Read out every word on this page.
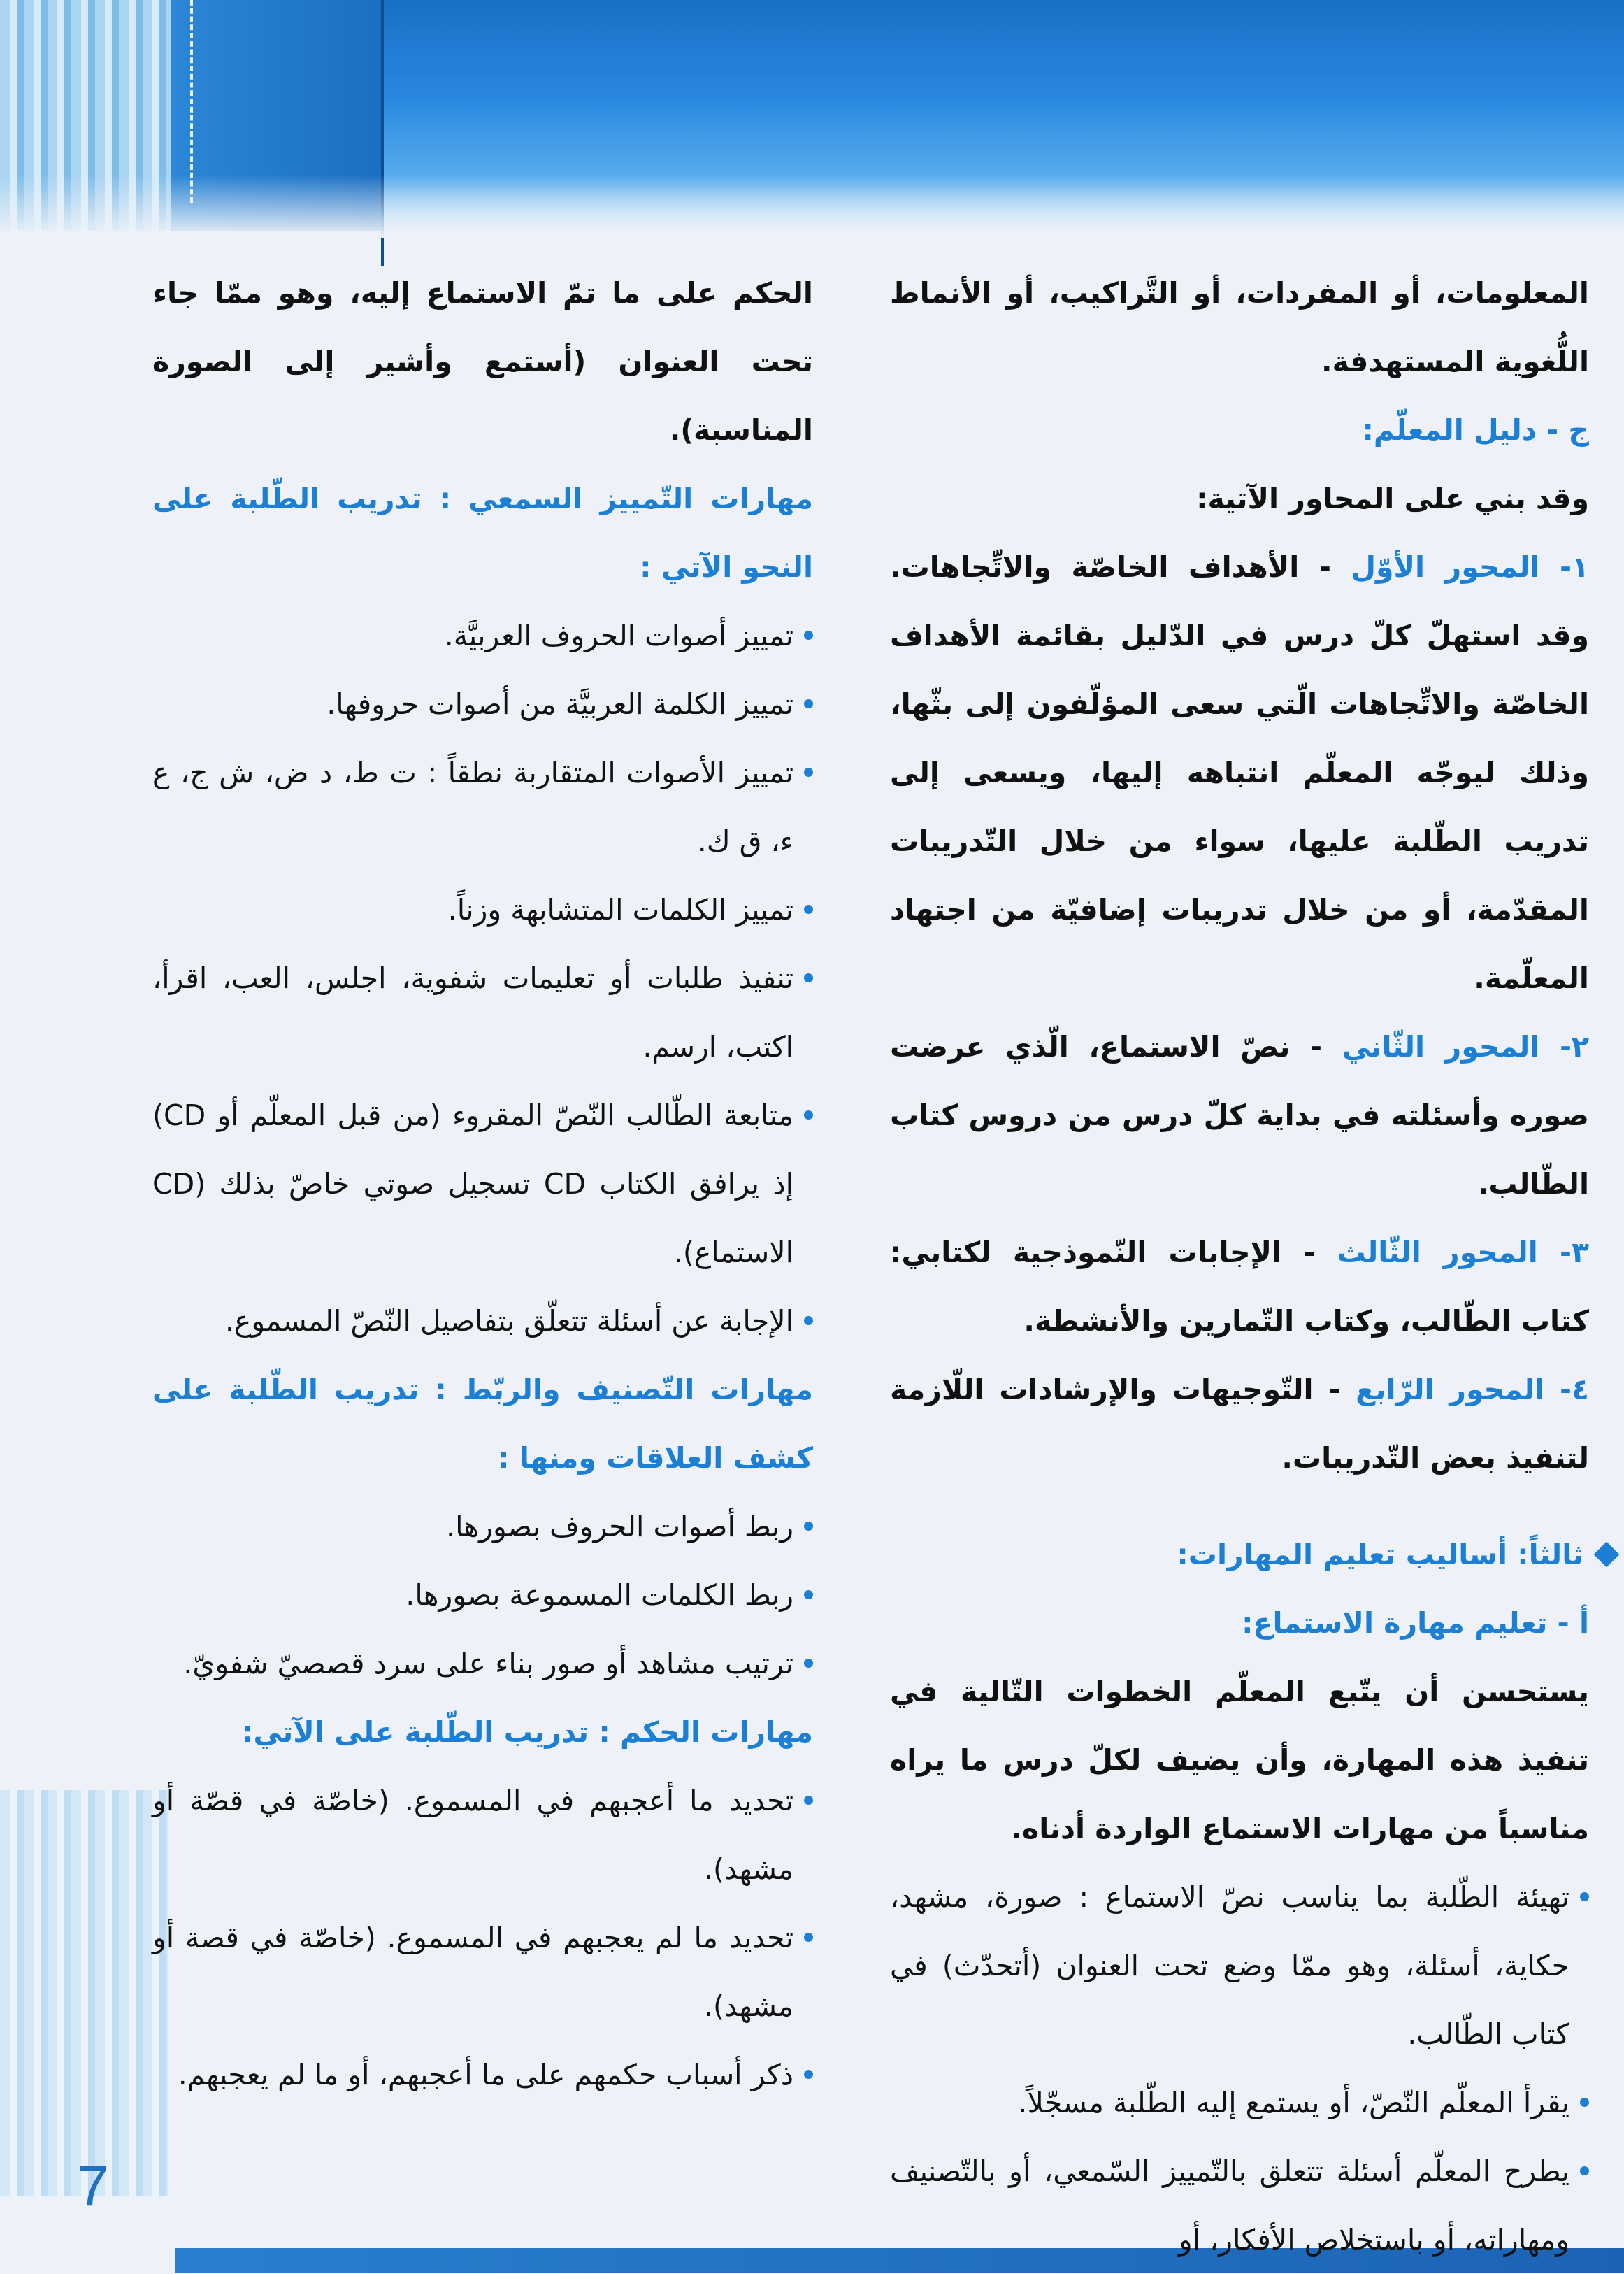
المعلومات، أو المفردات، أو التَّراكيب، أو الأنماط اللُّغوية المستهدفة.

ج - دليل المعلّم:

وقد بني على المحاور الآتية:

١- المحور الأوّل - الأهداف الخاصّة والاتِّجاهات. وقد استهلّ كلّ درس في الدّليل بقائمة الأهداف الخاصّة والاتِّجاهات الّتي سعى المؤلّفون إلى بثّها، وذلك ليوجّه المعلّم انتباهه إليها، ويسعى إلى تدريب الطّلبة عليها، سواء من خلال التّدريبات المقدّمة، أو من خلال تدريبات إضافيّة من اجتهاد المعلّمة.

٢- المحور الثّاني - نصّ الاستماع، الّذي عرضت صوره وأسئلته في بداية كلّ درس من دروس كتاب الطّالب.

٣- المحور الثّالث - الإجابات النّموذجية لكتابي: كتاب الطّالب، وكتاب التّمارين والأنشطة.

٤- المحور الرّابع - التّوجيهات والإرشادات اللّازمة لتنفيذ بعض التّدريبات.

ثالثاً: أساليب تعليم المهارات:

أ - تعليم مهارة الاستماع:

يستحسن أن يتّبع المعلّم الخطوات التّالية في تنفيذ هذه المهارة، وأن يضيف لكلّ درس ما يراه مناسباً من مهارات الاستماع الواردة أدناه.

تهيئة الطّلبة بما يناسب نصّ الاستماع : صورة، مشهد، حكاية، أسئلة، وهو ممّا وضع تحت العنوان (أتحدّث) في كتاب الطّالب.
يقرأ المعلّم النّصّ، أو يستمع إليه الطّلبة مسجّلاً.
يطرح المعلّم أسئلة تتعلق بالتّمييز السّمعي، أو بالتّصنيف ومهاراته، أو باستخلاص الأفكار، أو

الحكم على ما تمّ الاستماع إليه، وهو ممّا جاء تحت العنوان (أستمع وأشير إلى الصورة المناسبة).

مهارات التّمييز السمعي : تدريب الطّلبة على النحو الآتي :

تمييز أصوات الحروف العربيَّة.
تمييز الكلمة العربيَّة من أصوات حروفها.
تمييز الأصوات المتقاربة نطقاً : ت ط، د ض، ش ج، ع ء، ق ك.
تمييز الكلمات المتشابهة وزناً.
تنفيذ طلبات أو تعليمات شفوية، اجلس، العب، اقرأ، اكتب، ارسم.
متابعة الطّالب النّصّ المقروء (من قبل المعلّم أو CD) إذ يرافق الكتاب CD تسجيل صوتي خاصّ بذلك (CD الاستماع).
الإجابة عن أسئلة تتعلّق بتفاصيل النّصّ المسموع.

مهارات التّصنيف والربّط : تدريب الطّلبة على كشف العلاقات ومنها :

ربط أصوات الحروف بصورها.
ربط الكلمات المسموعة بصورها.
ترتيب مشاهد أو صور بناء على سرد قصصيّ شفويّ.

مهارات الحكم : تدريب الطّلبة على الآتي:

تحديد ما أعجبهم في المسموع. (خاصّة في قصّة أو مشهد).
تحديد ما لم يعجبهم في المسموع. (خاصّة في قصة أو مشهد).
ذكر أسباب حكمهم على ما أعجبهم، أو ما لم يعجبهم.

7
